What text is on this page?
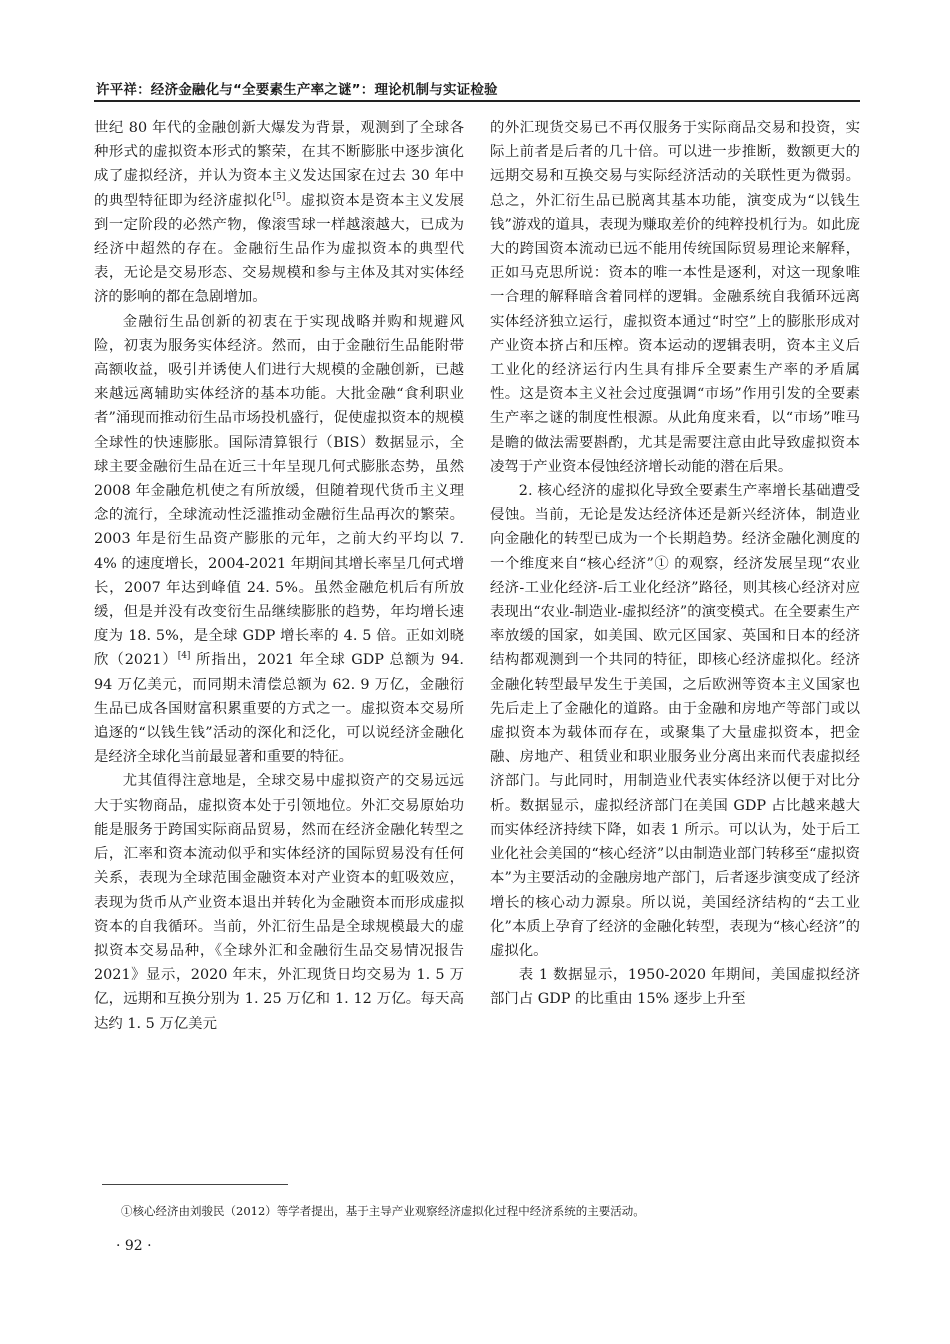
许平祥：经济金融化与“全要素生产率之谜”：理论机制与实证检验

世纪 80 年代的金融创新大爆发为背景，观测到了全球各种形式的虚拟资本形式的繁荣，在其不断膨胀中逐步演化成了虚拟经济，并认为资本主义发达国家在过去 30 年中的典型特征即为经济虚拟化[5]。虚拟资本是资本主义发展到一定阶段的必然产物，像滚雪球一样越滚越大，已成为经济中超然的存在。金融衍生品作为虚拟资本的典型代表，无论是交易形态、交易规模和参与主体及其对实体经济的影响的都在急剧增加。

金融衍生品创新的初衷在于实现战略并购和规避风险，初衷为服务实体经济。然而，由于金融衍生品能附带高额收益，吸引并诱使人们进行大规模的金融创新，已越来越远离辅助实体经济的基本功能。大批金融“食利职业者”涌现而推动衍生品市场投机盛行，促使虚拟资本的规模全球性的快速膨胀。国际清算银行（BIS）数据显示，全球主要金融衍生品在近三十年呈现几何式膨胀态势，虽然 2008 年金融危机使之有所放缓，但随着现代货币主义理念的流行，全球流动性泛滥推动金融衍生品再次的繁荣。2003 年是衍生品资产膨胀的元年，之前大约平均以 7. 4% 的速度增长，2004-2021 年期间其增长率呈几何式增长，2007 年达到峰值 24. 5%。虽然金融危机后有所放缓，但是并没有改变衍生品继续膨胀的趋势，年均增长速度为 18. 5%，是全球 GDP 增长率的 4. 5 倍。正如刘晓欣（2021）[4] 所指出，2021 年全球 GDP 总额为 94. 94 万亿美元，而同期未清偿总额为 62. 9 万亿，金融衍生品已成各国财富积累重要的方式之一。虚拟资本交易所追逐的“以钱生钱”活动的深化和泛化，可以说经济金融化是经济全球化当前最显著和重要的特征。

尤其值得注意地是，全球交易中虚拟资产的交易远远大于实物商品，虚拟资本处于引领地位。外汇交易原始功能是服务于跨国实际商品贸易，然而在经济金融化转型之后，汇率和资本流动似乎和实体经济的国际贸易没有任何关系，表现为全球范围金融资本对产业资本的虹吸效应，表现为货币从产业资本退出并转化为金融资本而形成虚拟资本的自我循环。当前，外汇衍生品是全球规模最大的虚拟资本交易品种，《全球外汇和金融衍生品交易情况报告 2021》显示，2020 年末，外汇现货日均交易为 1. 5 万亿，远期和互换分别为 1. 25 万亿和 1. 12 万亿。每天高达约 1. 5 万亿美元

的外汇现货交易已不再仅服务于实际商品交易和投资，实际上前者是后者的几十倍。可以进一步推断，数额更大的远期交易和互换交易与实际经济活动的关联性更为微弱。总之，外汇衍生品已脱离其基本功能，演变成为“以钱生钱”游戏的道具，表现为赚取差价的纯粹投机行为。如此庞大的跨国资本流动已远不能用传统国际贸易理论来解释，正如马克思所说：资本的唯一本性是逐利，对这一现象唯一合理的解释暗含着同样的逻辑。金融系统自我循环远离实体经济独立运行，虚拟资本通过“时空”上的膨胀形成对产业资本挤占和压榨。资本运动的逻辑表明，资本主义后工业化的经济运行内生具有排斥全要素生产率的矛盾属性。这是资本主义社会过度强调“市场”作用引发的全要素生产率之谜的制度性根源。从此角度来看，以“市场”唯马是瞻的做法需要斟酌，尤其是需要注意由此导致虚拟资本凌驾于产业资本侵蚀经济增长动能的潜在后果。

2. 核心经济的虚拟化导致全要素生产率增长基础遭受侵蚀。当前，无论是发达经济体还是新兴经济体，制造业向金融化的转型已成为一个长期趋势。经济金融化测度的一个维度来自“核心经济”① 的观察，经济发展呈现“农业经济-工业化经济-后工业化经济”路径，则其核心经济对应表现出“农业-制造业-虚拟经济”的演变模式。在全要素生产率放缓的国家，如美国、欧元区国家、英国和日本的经济结构都观测到一个共同的特征，即核心经济虚拟化。经济金融化转型最早发生于美国，之后欧洲等资本主义国家也先后走上了金融化的道路。由于金融和房地产等部门或以虚拟资本为载体而存在，或聚集了大量虚拟资本，把金融、房地产、租赁业和职业服务业分离出来而代表虚拟经济部门。与此同时，用制造业代表实体经济以便于对比分析。数据显示，虚拟经济部门在美国 GDP 占比越来越大而实体经济持续下降，如表 1 所示。可以认为，处于后工业化社会美国的“核心经济”以由制造业部门转移至“虚拟资本”为主要活动的金融房地产部门，后者逐步演变成了经济增长的核心动力源泉。所以说，美国经济结构的“去工业化”本质上孕育了经济的金融化转型，表现为“核心经济”的虚拟化。

表 1 数据显示，1950-2020 年期间，美国虚拟经济部门占 GDP 的比重由 15% 逐步上升至

①核心经济由刘骏民（2012）等学者提出，基于主导产业观察经济虚拟化过程中经济系统的主要活动。
· 92 ·
